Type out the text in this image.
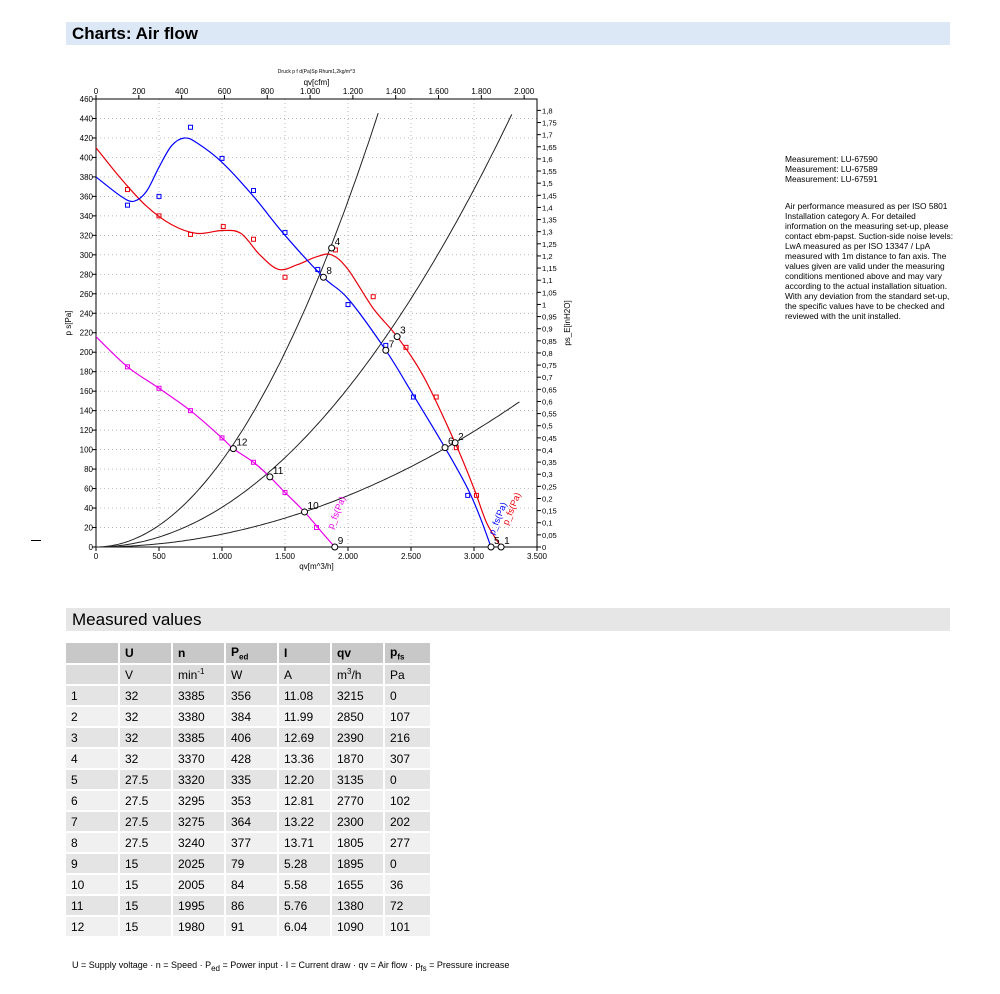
Charts: Air flow
0	500	1.000	1.500	2.000	2.500	3.000	3.500
0	200	400	600	800	1.000	1.200	1.400	1.600	1.800	2.000
0
20
40
60
80
100
120
140
160
180
200
220
240
260
280
300
320
340
360
380
400
420
440
460
0
0,05
0,1
0,15
0,2
0,25
0,3
0,35
0,4
0,45
0,5
0,55
0,6
0,65
0,7
0,75
0,8
0,85
0,9
0,95
1
1,05
1,1
1,15
1,2
1,25
1,3
1,35
1,4
1,45
1,5
1,55
1,6
1,65
1,7
1,75
1,8
qv[m^3/h]
qv[cfm]
Druck p f d(Pa)Sp Rhum1,2kg/m^3
p s[Pa]	ps_E[inH2O]
1
2
3
4
5
6
7
8
9
10
11
12
p_fs(Pa)
p_fs(Pa)
p_fs(Pa)
Measurement: LU-67590
Measurement: LU-67589
Measurement: LU-67591
Air performance measured as per ISO 5801 Installation category A. For detailed information on the measuring set-up, please contact ebm-papst. Suction-side noise levels: LwA measured as per ISO 13347 / LpA measured with 1m distance to fan axis. The values given are valid under the measuring conditions mentioned above and may vary according to the actual installation situation. With any deviation from the standard set-up, the specific values have to be checked and reviewed with the unit installed.
Measured values
	U	n	$P_{ed}$	I	qv	$p_{fs}$
	V	$\min^{-1}$	W	A	$m^3/h$	Pa
1	32	3385	356	11.08	3215	0
2	32	3380	384	11.99	2850	107
3	32	3385	406	12.69	2390	216
4	32	3370	428	13.36	1870	307
5	27.5	3320	335	12.20	3135	0
6	27.5	3295	353	12.81	2770	102
7	27.5	3275	364	13.22	2300	202
8	27.5	3240	377	13.71	1805	277
9	15	2025	79	5.28	1895	0
10	15	2005	84	5.58	1655	36
11	15	1995	86	5.76	1380	72
12	15	1980	91	6.04	1090	101
U = Supply voltage · n = Speed · $P_{ed}$ = Power input · I = Current draw · qv = Air flow · $p_{fs}$ = Pressure increase
